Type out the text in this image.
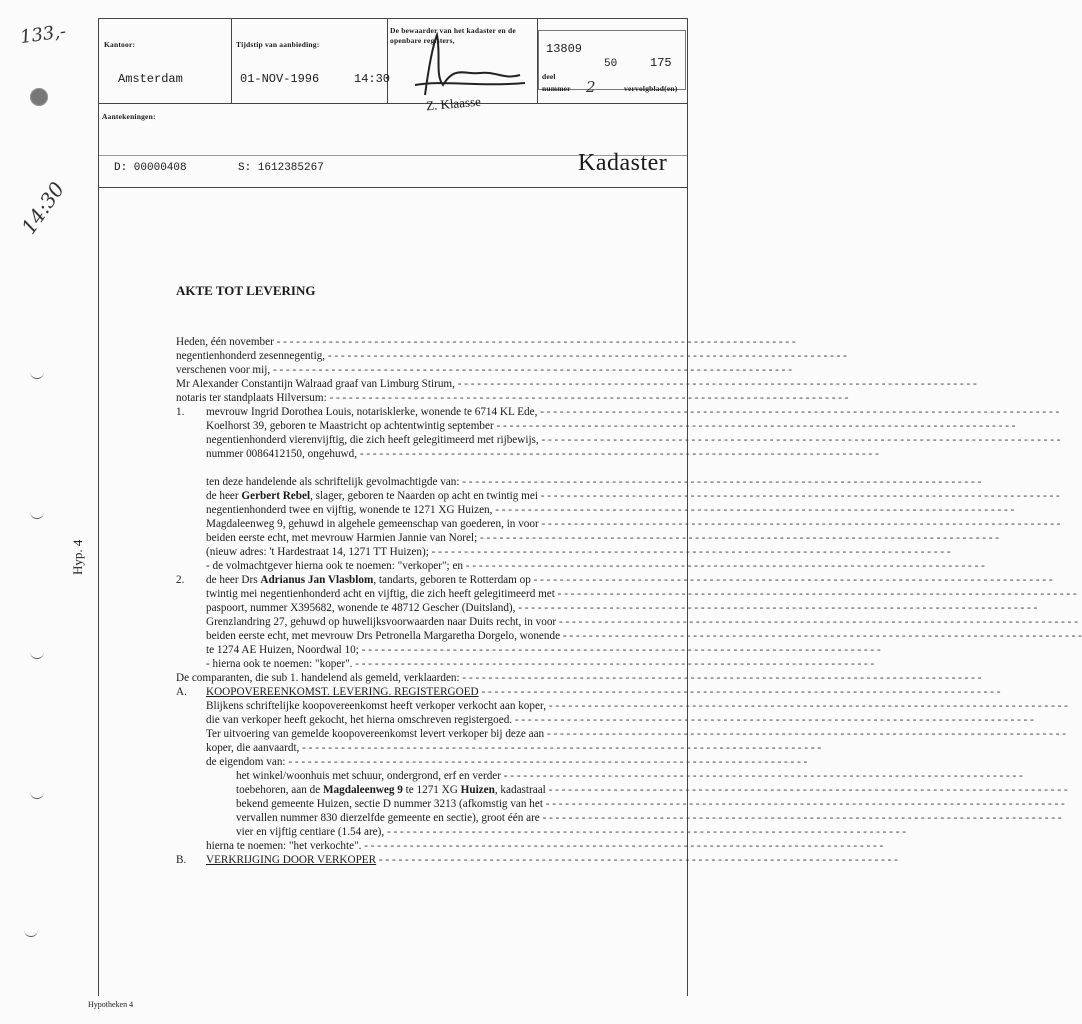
133,-
14:30
Hyp. 4
Hypotheken 4
Kantoor:
Amsterdam
Tijdstip van aanbieding:
01-NOV-1996	14:30
De bewaarder van het kadaster en de openbare registers,
Z. Klaasse
13809
50	175
deel
nummer 2	vervolgblad(en)
Aantekeningen:
D: 00000408	S: 1612385267	Kadaster
AKTE TOT LEVERING
Heden, één november - - - - - - - - - - - - - - - - - - - - - - - - - - - - - - - - - - - - - - - - - - - - - - - - - - - - - - - - - - - - - - - - - - - - - - - - - - - - - - - -
negentienhonderd zesennegentig, - - - - - - - - - - - - - - - - - - - - - - - - - - - - - - - - - - - - - - - - - - - - - - - - - - - - - - - - - - - - - - - - - - - - - - - - - - - - - - - -
verschenen voor mij, - - - - - - - - - - - - - - - - - - - - - - - - - - - - - - - - - - - - - - - - - - - - - - - - - - - - - - - - - - - - - - - - - - - - - - - - - - - - - - - -
Mr Alexander Constantijn Walraad graaf van Limburg Stirum, - - - - - - - - - - - - - - - - - - - - - - - - - - - - - - - - - - - - - - - - - - - - - - - - - - - - - - - - - - - - - - - - - - - - - - - - - - - - - - - -
notaris ter standplaats Hilversum: - - - - - - - - - - - - - - - - - - - - - - - - - - - - - - - - - - - - - - - - - - - - - - - - - - - - - - - - - - - - - - - - - - - - - - - - - - - - - - - -
1. mevrouw Ingrid Dorothea Louis, notarisklerke, wonende te 6714 KL Ede, - - - - - - - - - - - - - - - - - - - - - - - - - - - - - - - - - - - - - - - - - - - - - - - - - - - - - - - - - - - - - - - - - - - - - - - - - - - - - - - -
Koelhorst 39, geboren te Maastricht op achtentwintig september - - - - - - - - - - - - - - - - - - - - - - - - - - - - - - - - - - - - - - - - - - - - - - - - - - - - - - - - - - - - - - - - - - - - - - - - - - - - - - - -
negentienhonderd vierenvijftig, die zich heeft gelegitimeerd met rijbewijs, - - - - - - - - - - - - - - - - - - - - - - - - - - - - - - - - - - - - - - - - - - - - - - - - - - - - - - - - - - - - - - - - - - - - - - - - - - - - - - - -
nummer 0086412150, ongehuwd, - - - - - - - - - - - - - - - - - - - - - - - - - - - - - - - - - - - - - - - - - - - - - - - - - - - - - - - - - - - - - - - - - - - - - - - - - - - - - - - -
ten deze handelende als schriftelijk gevolmachtigde van: - - - - - - - - - - - - - - - - - - - - - - - - - - - - - - - - - - - - - - - - - - - - - - - - - - - - - - - - - - - - - - - - - - - - - - - - - - - - - - - -
de heer Gerbert Rebel, slager, geboren te Naarden op acht en twintig mei - - - - - - - - - - - - - - - - - - - - - - - - - - - - - - - - - - - - - - - - - - - - - - - - - - - - - - - - - - - - - - - - - - - - - - - - - - - - - - - -
negentienhonderd twee en vijftig, wonende te 1271 XG Huizen, - - - - - - - - - - - - - - - - - - - - - - - - - - - - - - - - - - - - - - - - - - - - - - - - - - - - - - - - - - - - - - - - - - - - - - - - - - - - - - - -
Magdaleenweg 9, gehuwd in algehele gemeenschap van goederen, in voor - - - - - - - - - - - - - - - - - - - - - - - - - - - - - - - - - - - - - - - - - - - - - - - - - - - - - - - - - - - - - - - - - - - - - - - - - - - - - - - -
beiden eerste echt, met mevrouw Harmien Jannie van Norel; - - - - - - - - - - - - - - - - - - - - - - - - - - - - - - - - - - - - - - - - - - - - - - - - - - - - - - - - - - - - - - - - - - - - - - - - - - - - - - - -
(nieuw adres: 't Hardestraat 14, 1271 TT Huizen); - - - - - - - - - - - - - - - - - - - - - - - - - - - - - - - - - - - - - - - - - - - - - - - - - - - - - - - - - - - - - - - - - - - - - - - - - - - - - - - -
- de volmachtgever hierna ook te noemen: "verkoper"; en - - - - - - - - - - - - - - - - - - - - - - - - - - - - - - - - - - - - - - - - - - - - - - - - - - - - - - - - - - - - - - - - - - - - - - - - - - - - - - - -
2. de heer Drs Adrianus Jan Vlasblom, tandarts, geboren te Rotterdam op - - - - - - - - - - - - - - - - - - - - - - - - - - - - - - - - - - - - - - - - - - - - - - - - - - - - - - - - - - - - - - - - - - - - - - - - - - - - - - - -
twintig mei negentienhonderd acht en vijftig, die zich heeft gelegitimeerd met - - - - - - - - - - - - - - - - - - - - - - - - - - - - - - - - - - - - - - - - - - - - - - - - - - - - - - - - - - - - - - - - - - - - - - - - - - - - - - - -
paspoort, nummer X395682, wonende te 48712 Gescher (Duitsland), - - - - - - - - - - - - - - - - - - - - - - - - - - - - - - - - - - - - - - - - - - - - - - - - - - - - - - - - - - - - - - - - - - - - - - - - - - - - - - - -
Grenzlandring 27, gehuwd op huwelijksvoorwaarden naar Duits recht, in voor - - - - - - - - - - - - - - - - - - - - - - - - - - - - - - - - - - - - - - - - - - - - - - - - - - - - - - - - - - - - - - - - - - - - - - - - - - - - - - - -
beiden eerste echt, met mevrouw Drs Petronella Margaretha Dorgelo, wonende - - - - - - - - - - - - - - - - - - - - - - - - - - - - - - - - - - - - - - - - - - - - - - - - - - - - - - - - - - - - - - - - - - - - - - - - - - - - - - - -
te 1274 AE Huizen, Noordwal 10; - - - - - - - - - - - - - - - - - - - - - - - - - - - - - - - - - - - - - - - - - - - - - - - - - - - - - - - - - - - - - - - - - - - - - - - - - - - - - - - -
- hierna ook te noemen: "koper". - - - - - - - - - - - - - - - - - - - - - - - - - - - - - - - - - - - - - - - - - - - - - - - - - - - - - - - - - - - - - - - - - - - - - - - - - - - - - - - -
De comparanten, die sub 1. handelend als gemeld, verklaarden: - - - - - - - - - - - - - - - - - - - - - - - - - - - - - - - - - - - - - - - - - - - - - - - - - - - - - - - - - - - - - - - - - - - - - - - - - - - - - - - -
A. KOOPOVEREENKOMST. LEVERING. REGISTERGOED - - - - - - - - - - - - - - - - - - - - - - - - - - - - - - - - - - - - - - - - - - - - - - - - - - - - - - - - - - - - - - - - - - - - - - - - - - - - - - - -
Blijkens schriftelijke koopovereenkomst heeft verkoper verkocht aan koper, - - - - - - - - - - - - - - - - - - - - - - - - - - - - - - - - - - - - - - - - - - - - - - - - - - - - - - - - - - - - - - - - - - - - - - - - - - - - - - - -
die van verkoper heeft gekocht, het hierna omschreven registergoed. - - - - - - - - - - - - - - - - - - - - - - - - - - - - - - - - - - - - - - - - - - - - - - - - - - - - - - - - - - - - - - - - - - - - - - - - - - - - - - - -
Ter uitvoering van gemelde koopovereenkomst levert verkoper bij deze aan - - - - - - - - - - - - - - - - - - - - - - - - - - - - - - - - - - - - - - - - - - - - - - - - - - - - - - - - - - - - - - - - - - - - - - - - - - - - - - - -
koper, die aanvaardt, - - - - - - - - - - - - - - - - - - - - - - - - - - - - - - - - - - - - - - - - - - - - - - - - - - - - - - - - - - - - - - - - - - - - - - - - - - - - - - - -
de eigendom van: - - - - - - - - - - - - - - - - - - - - - - - - - - - - - - - - - - - - - - - - - - - - - - - - - - - - - - - - - - - - - - - - - - - - - - - - - - - - - - - -
het winkel/woonhuis met schuur, ondergrond, erf en verder - - - - - - - - - - - - - - - - - - - - - - - - - - - - - - - - - - - - - - - - - - - - - - - - - - - - - - - - - - - - - - - - - - - - - - - - - - - - - - - -
toebehoren, aan de Magdaleenweg 9 te 1271 XG Huizen, kadastraal - - - - - - - - - - - - - - - - - - - - - - - - - - - - - - - - - - - - - - - - - - - - - - - - - - - - - - - - - - - - - - - - - - - - - - - - - - - - - - - -
bekend gemeente Huizen, sectie D nummer 3213 (afkomstig van het - - - - - - - - - - - - - - - - - - - - - - - - - - - - - - - - - - - - - - - - - - - - - - - - - - - - - - - - - - - - - - - - - - - - - - - - - - - - - - - -
vervallen nummer 830 dierzelfde gemeente en sectie), groot één are - - - - - - - - - - - - - - - - - - - - - - - - - - - - - - - - - - - - - - - - - - - - - - - - - - - - - - - - - - - - - - - - - - - - - - - - - - - - - - - -
vier en vijftig centiare (1.54 are), - - - - - - - - - - - - - - - - - - - - - - - - - - - - - - - - - - - - - - - - - - - - - - - - - - - - - - - - - - - - - - - - - - - - - - - - - - - - - - - -
hierna te noemen: "het verkochte". - - - - - - - - - - - - - - - - - - - - - - - - - - - - - - - - - - - - - - - - - - - - - - - - - - - - - - - - - - - - - - - - - - - - - - - - - - - - - - - -
B. VERKRIJGING DOOR VERKOPER - - - - - - - - - - - - - - - - - - - - - - - - - - - - - - - - - - - - - - - - - - - - - - - - - - - - - - - - - - - - - - - - - - - - - - - - - - - - - - - -
